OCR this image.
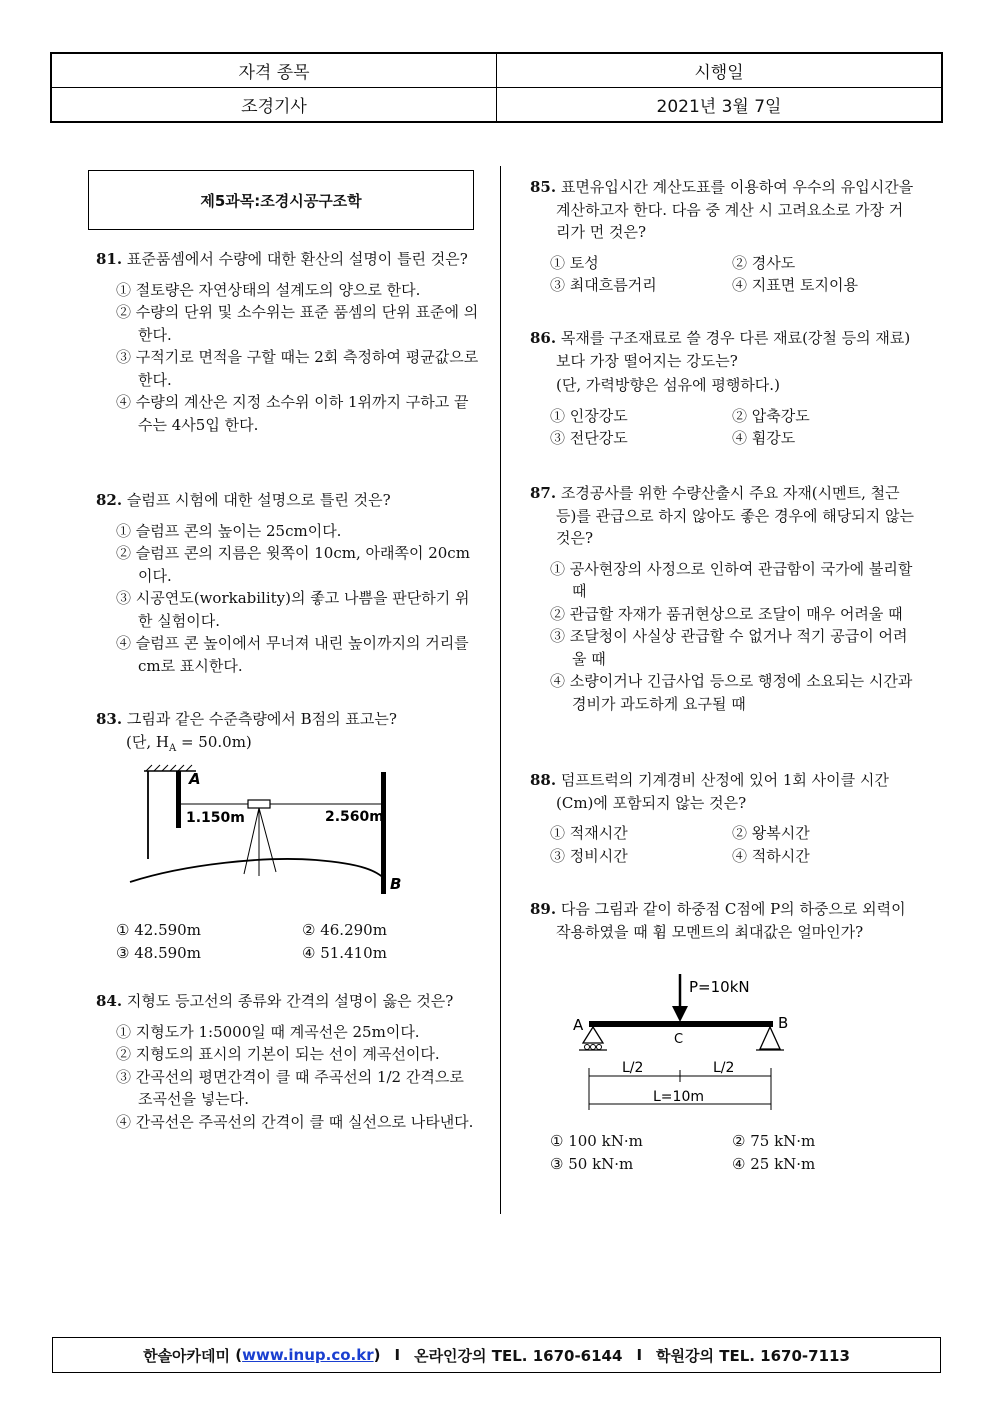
자격 종목	시행일
조경기사	2021년 3월 7일
제5과목:조경시공구조학
81. 표준품셈에서 수량에 대한 환산의 설명이 틀린 것은?
① 절토량은 자연상태의 설계도의 양으로 한다.
② 수량의 단위 및 소수위는 표준 품셈의 단위 표준에 의한다.
③ 구적기로 면적을 구할 때는 2회 측정하여 평균값으로 한다.
④ 수량의 계산은 지정 소수위 이하 1위까지 구하고 끝수는 4사5입 한다.
82. 슬럼프 시험에 대한 설명으로 틀린 것은?
① 슬럼프 콘의 높이는 25cm이다.
② 슬럼프 콘의 지름은 윗쪽이 10cm, 아래쪽이 20cm이다.
③ 시공연도(workability)의 좋고 나쁨을 판단하기 위한 실험이다.
④ 슬럼프 콘 높이에서 무너져 내린 높이까지의 거리를 cm로 표시한다.
83. 그림과 같은 수준측량에서 B점의 표고는?
(단, $H_A = 50.0m$)
A
B
1.150m	2.560m
① 42.590m	② 46.290m
③ 48.590m	④ 51.410m
84. 지형도 등고선의 종류와 간격의 설명이 옳은 것은?
① 지형도가 1:5000일 때 계곡선은 25m이다.
② 지형도의 표시의 기본이 되는 선이 계곡선이다.
③ 간곡선의 평면간격이 클 때 주곡선의 1/2 간격으로 조곡선을 넣는다.
④ 간곡선은 주곡선의 간격이 클 때 실선으로 나타낸다.
85. 표면유입시간 계산도표를 이용하여 우수의 유입시간을 계산하고자 한다. 다음 중 계산 시 고려요소로 가장 거리가 먼 것은?
① 토성	② 경사도
③ 최대흐름거리	④ 지표면 토지이용
86. 목재를 구조재료로 쓸 경우 다른 재료(강철 등의 재료)보다 가장 떨어지는 강도는?
(단, 가력방향은 섬유에 평행하다.)
① 인장강도	② 압축강도
③ 전단강도	④ 휨강도
87. 조경공사를 위한 수량산출시 주요 자재(시멘트, 철근 등)를 관급으로 하지 않아도 좋은 경우에 해당되지 않는 것은?
① 공사현장의 사정으로 인하여 관급함이 국가에 불리할 때
② 관급할 자재가 품귀현상으로 조달이 매우 어려울 때
③ 조달청이 사실상 관급할 수 없거나 적기 공급이 어려울 때
④ 소량이거나 긴급사업 등으로 행정에 소요되는 시간과 경비가 과도하게 요구될 때
88. 덤프트럭의 기계경비 산정에 있어 1회 사이클 시간(Cm)에 포함되지 않는 것은?
① 적재시간	② 왕복시간
③ 정비시간	④ 적하시간
89. 다음 그림과 같이 하중점 C점에 P의 하중으로 외력이 작용하였을 때 휨 모멘트의 최대값은 얼마인가?
P=10kN
A	B
C
L/2	L/2
L=10m
① 100 kN·m	② 75 kN·m
③ 50 kN·m	④ 25 kN·m
한솔아카데미 ( www.inup.co.kr ) I 온라인강의 TEL. 1670-6144 I 학원강의 TEL. 1670-7113
